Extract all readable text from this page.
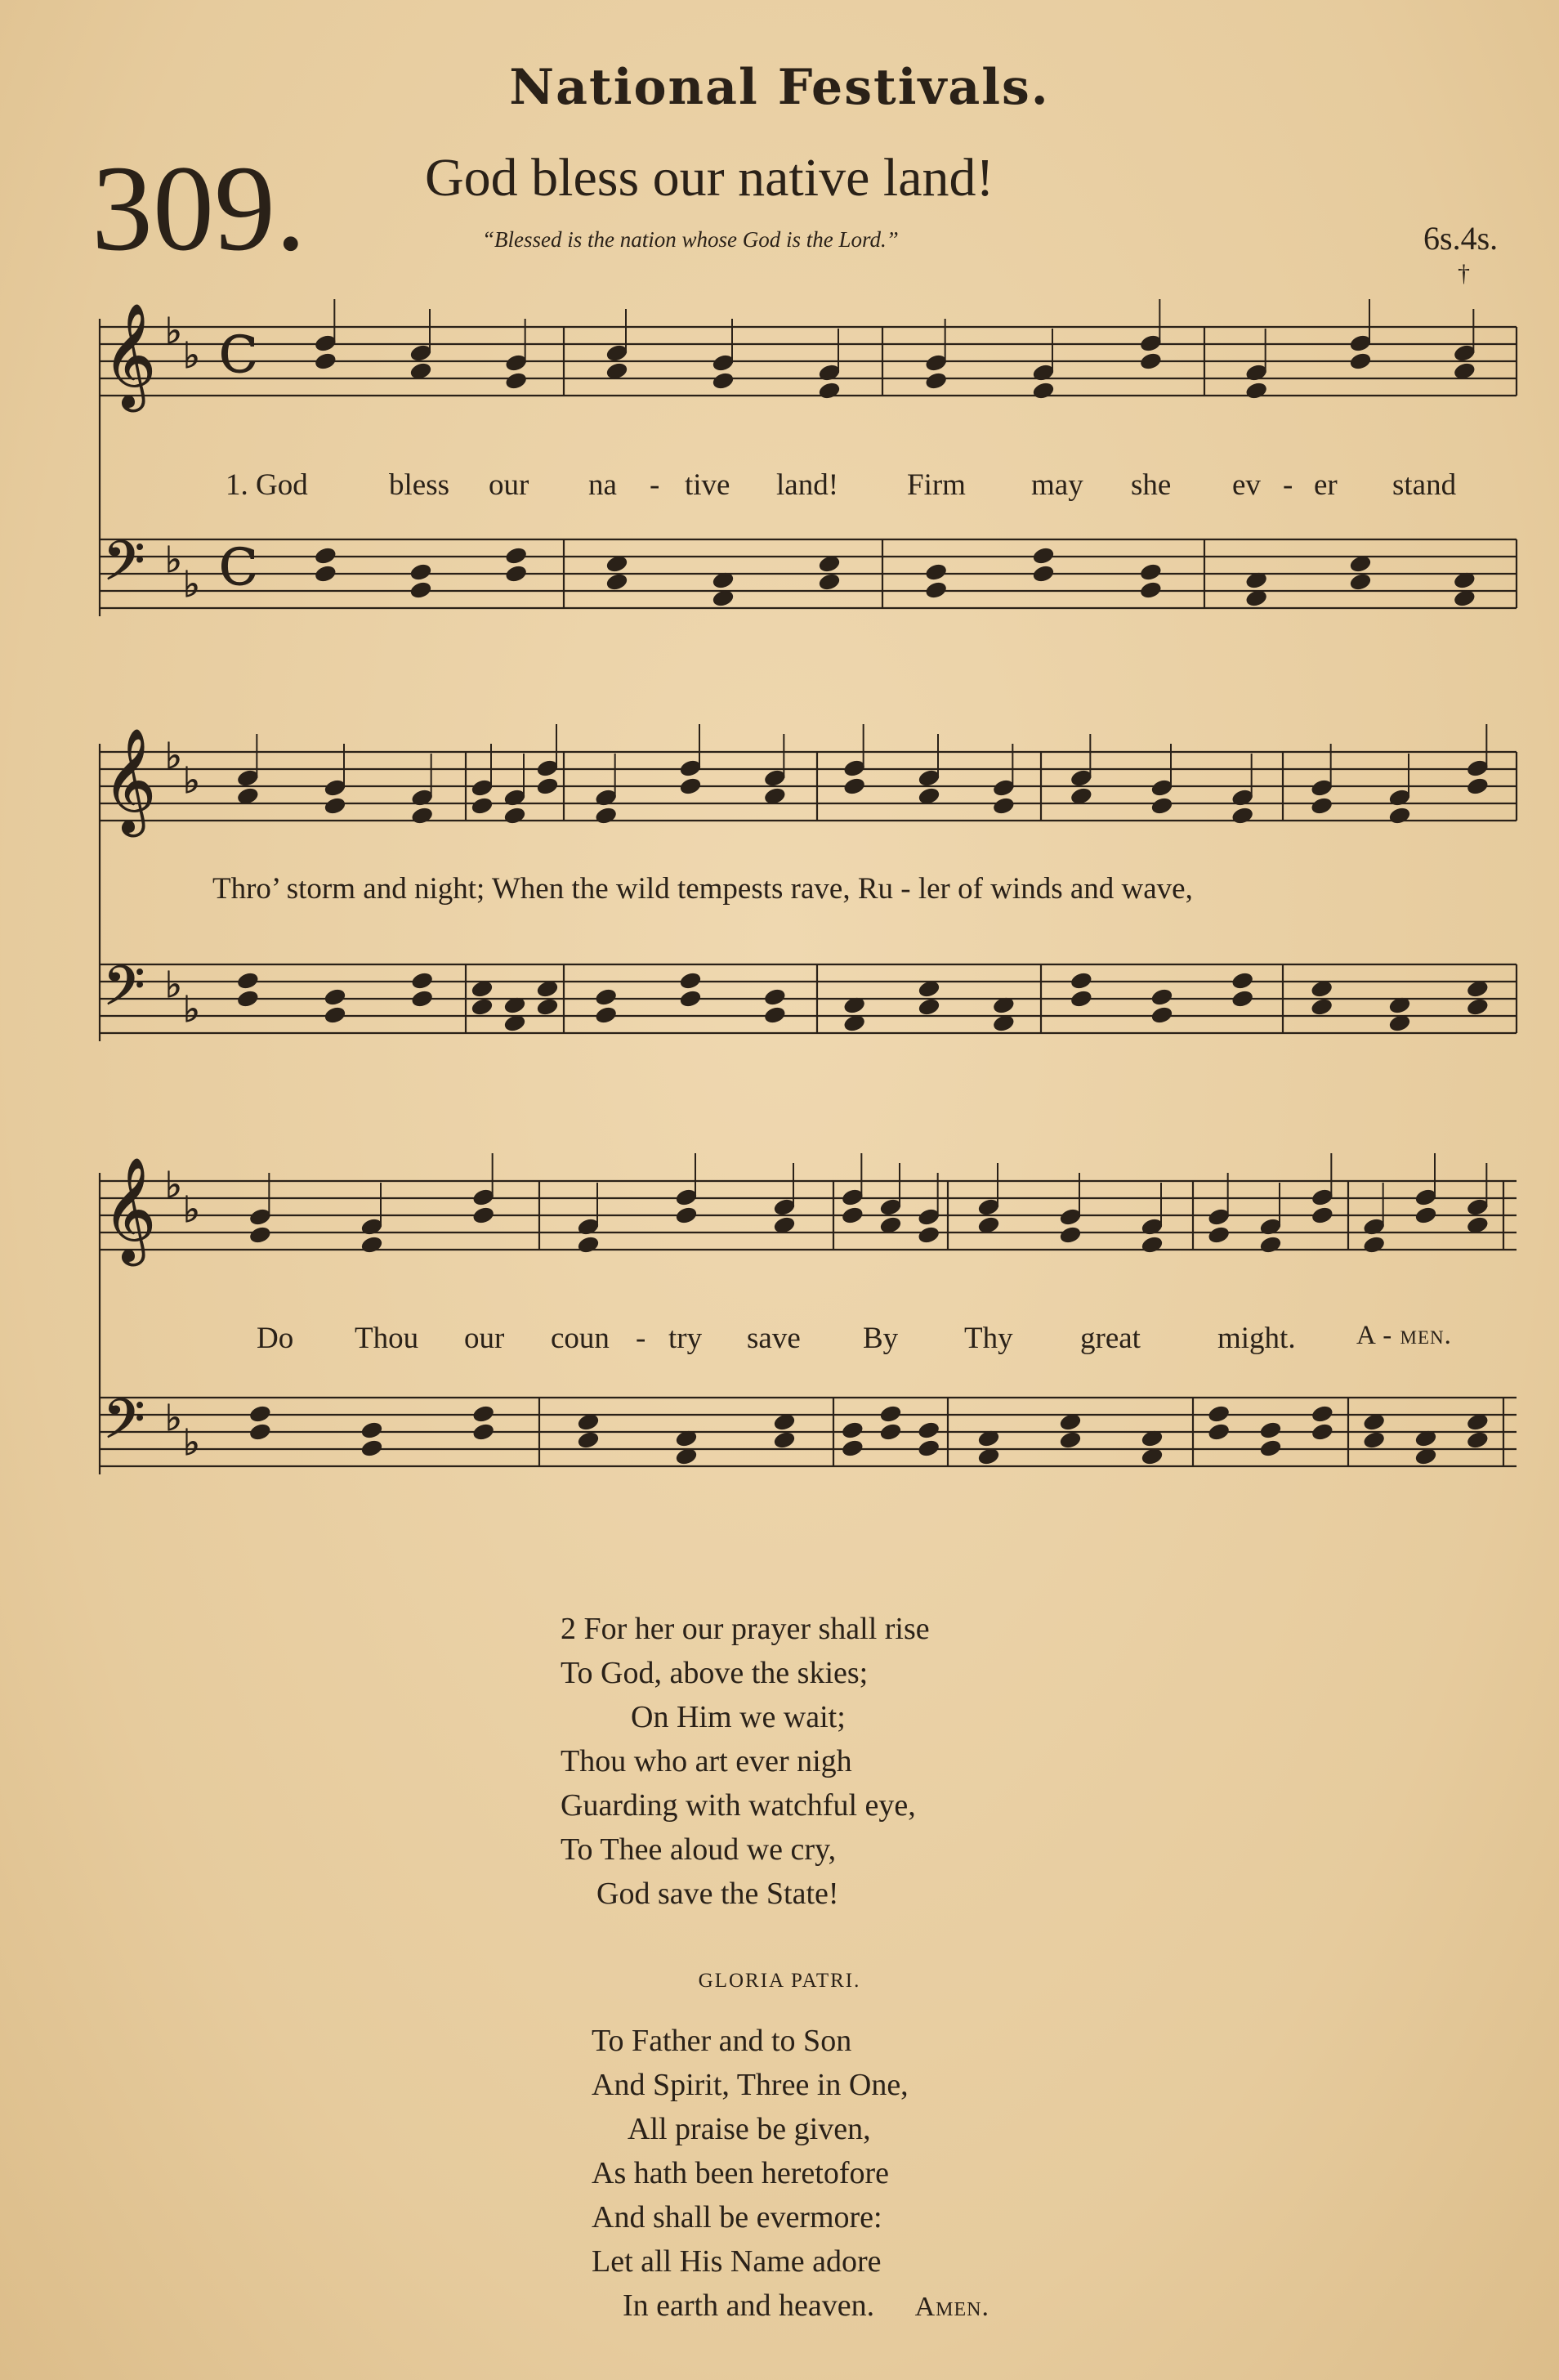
National Festivals.
309. God bless our native land!
“Blessed is the nation whose God is the Lord.”	6s.4s.
†
𝄞 ♭
♭
𝄢 ♭
♭
𝄞 ♭
♭
𝄢 ♭
♭
𝄞 ♭
♭
𝄢 ♭
♭
C
C
1. God	bless our na - tive land! Firm may she ev - er stand
Thro’ storm and night; When the wild tempests rave, Ru - ler of winds and wave,
Do Thou our coun - try save By Thy great	might. A - men.
2 For her our prayer shall rise
To God, above the skies;
On Him we wait;
Thou who art ever nigh
Guarding with watchful eye,
To Thee aloud we cry,
God save the State!
GLORIA PATRI.
To Father and to Son
And Spirit, Three in One,
All praise be given,
As hath been heretofore
And shall be evermore:
Let all His Name adore
In earth and heaven. Amen.
